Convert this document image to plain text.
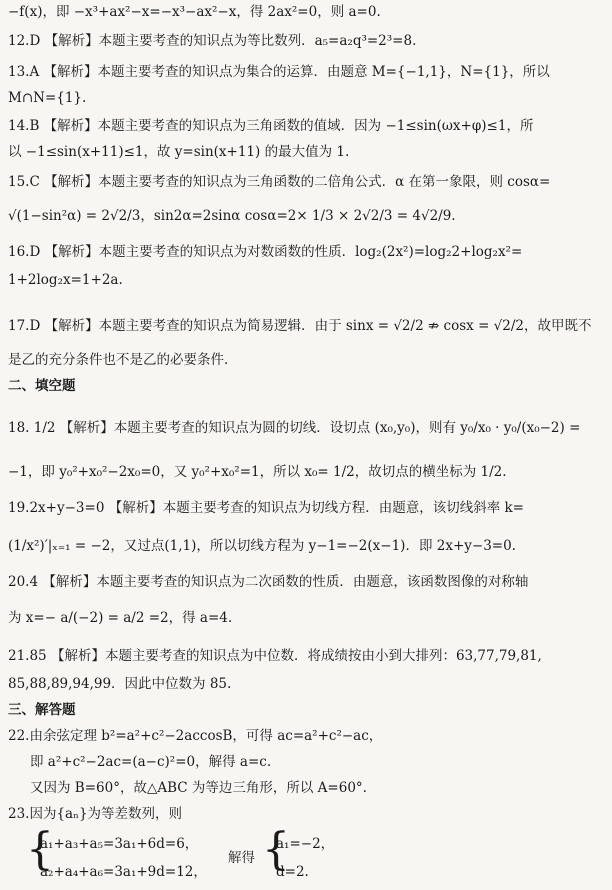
−f(x)，即 −x³+ax²−x=−x³−ax²−x，得 2ax²=0，则 a=0.
12.D 【解析】本题主要考查的知识点为等比数列．a₅=a₂q³=2³=8.
13.A 【解析】本题主要考查的知识点为集合的运算．由题意 M={−1,1}，N={1}，所以
M∩N={1}.
14.B 【解析】本题主要考查的知识点为三角函数的值域．因为 −1≤sin(ωx+φ)≤1，所
以 −1≤sin(x+11)≤1，故 y=sin(x+11) 的最大值为 1.
15.C 【解析】本题主要考查的知识点为三角函数的二倍角公式．α 在第一象限，则 cosα=
√(1−sin²α) = 2√2/3，sin2α=2sinα cosα=2× 1/3 × 2√2/3 = 4√2/9.
16.D 【解析】本题主要考查的知识点为对数函数的性质．log₂(2x²)=log₂2+log₂x²=
1+2log₂x=1+2a.
17.D 【解析】本题主要考查的知识点为简易逻辑．由于 sinx = √2/2 ⇏ cosx = √2/2，故甲既不
是乙的充分条件也不是乙的必要条件.
二、填空题
18. 1/2 【解析】本题主要考查的知识点为圆的切线．设切点 (x₀,y₀)，则有 y₀/x₀ · y₀/(x₀−2) =
−1，即 y₀²+x₀²−2x₀=0，又 y₀²+x₀²=1，所以 x₀= 1/2，故切点的横坐标为 1/2.
19.2x+y−3=0 【解析】本题主要考查的知识点为切线方程．由题意，该切线斜率 k=
(1/x²)′|ₓ₌₁ = −2，又过点(1,1)，所以切线方程为 y−1=−2(x−1)．即 2x+y−3=0.
20.4 【解析】本题主要考查的知识点为二次函数的性质．由题意，该函数图像的对称轴
为 x=− a/(−2) = a/2 =2，得 a=4.
21.85 【解析】本题主要考查的知识点为中位数．将成绩按由小到大排列：63,77,79,81,
85,88,89,94,99．因此中位数为 85.
三、解答题
22.由余弦定理 b²=a²+c²−2accosB，可得 ac=a²+c²−ac，
即 a²+c²−2ac=(a−c)²=0，解得 a=c.
又因为 B=60°，故△ABC 为等边三角形，所以 A=60°.
23.因为{aₙ}为等差数列，则
{
a₁+a₃+a₅=3a₁+6d=6，
a₂+a₄+a₆=3a₁+9d=12，
解得 {
a₁=−2，
d=2.
